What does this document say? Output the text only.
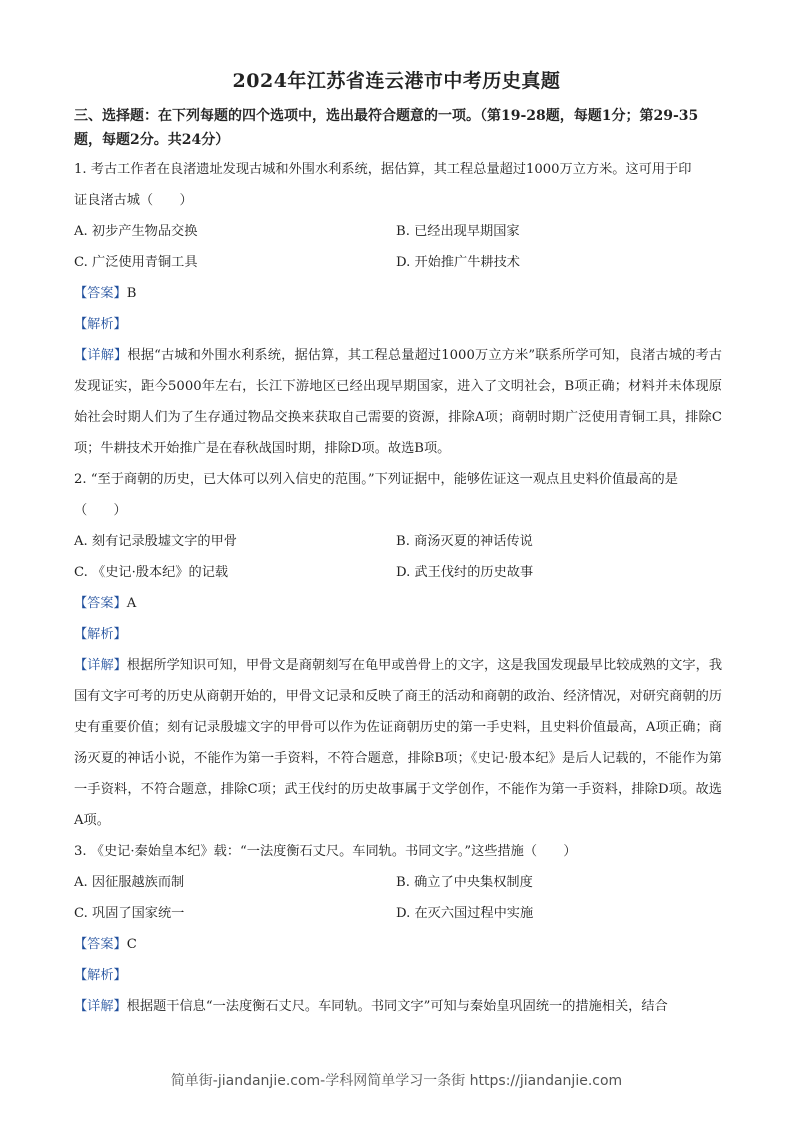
2024年江苏省连云港市中考历史真题
三、选择题：在下列每题的四个选项中，选出最符合题意的一项。（第19-28题，每题1分；第29-35题，每题2分。共24分）
1. 考古工作者在良渚遗址发现古城和外围水利系统，据估算，其工程总量超过1000万立方米。这可用于印
证良渚古城（　　）
A. 初步产生物品交换	B. 已经出现早期国家
C. 广泛使用青铜工具	D. 开始推广牛耕技术
【答案】B
【解析】
【详解】根据“古城和外围水利系统，据估算，其工程总量超过1000万立方米”联系所学可知，良渚古城的考古发现证实，距今5000年左右，长江下游地区已经出现早期国家，进入了文明社会，B项正确；材料并未体现原始社会时期人们为了生存通过物品交换来获取自己需要的资源，排除A项；商朝时期广泛使用青铜工具，排除C项；牛耕技术开始推广是在春秋战国时期，排除D项。故选B项。
2. “至于商朝的历史，已大体可以列入信史的范围。”下列证据中，能够佐证这一观点且史料价值最高的是
（　　）
A. 刻有记录殷墟文字的甲骨	B. 商汤灭夏的神话传说
C. 《史记·殷本纪》的记载	D. 武王伐纣的历史故事
【答案】A
【解析】
【详解】根据所学知识可知，甲骨文是商朝刻写在龟甲或兽骨上的文字，这是我国发现最早比较成熟的文字，我国有文字可考的历史从商朝开始的，甲骨文记录和反映了商王的活动和商朝的政治、经济情况，对研究商朝的历史有重要价值；刻有记录殷墟文字的甲骨可以作为佐证商朝历史的第一手史料，且史料价值最高，A项正确；商汤灭夏的神话小说，不能作为第一手资料，不符合题意，排除B项；《史记·殷本纪》是后人记载的，不能作为第一手资料，不符合题意，排除C项；武王伐纣的历史故事属于文学创作，不能作为第一手资料，排除D项。故选A项。
3. 《史记·秦始皇本纪》载：“一法度衡石丈尺。车同轨。书同文字。”这些措施（　　）
A. 因征服越族而制	B. 确立了中央集权制度
C. 巩固了国家统一	D. 在灭六国过程中实施
【答案】C
【解析】
【详解】根据题干信息“一法度衡石丈尺。车同轨。书同文字”可知与秦始皇巩固统一的措施相关，结合
简单街-jiandanjie.com-学科网简单学习一条街 https://jiandanjie.com
